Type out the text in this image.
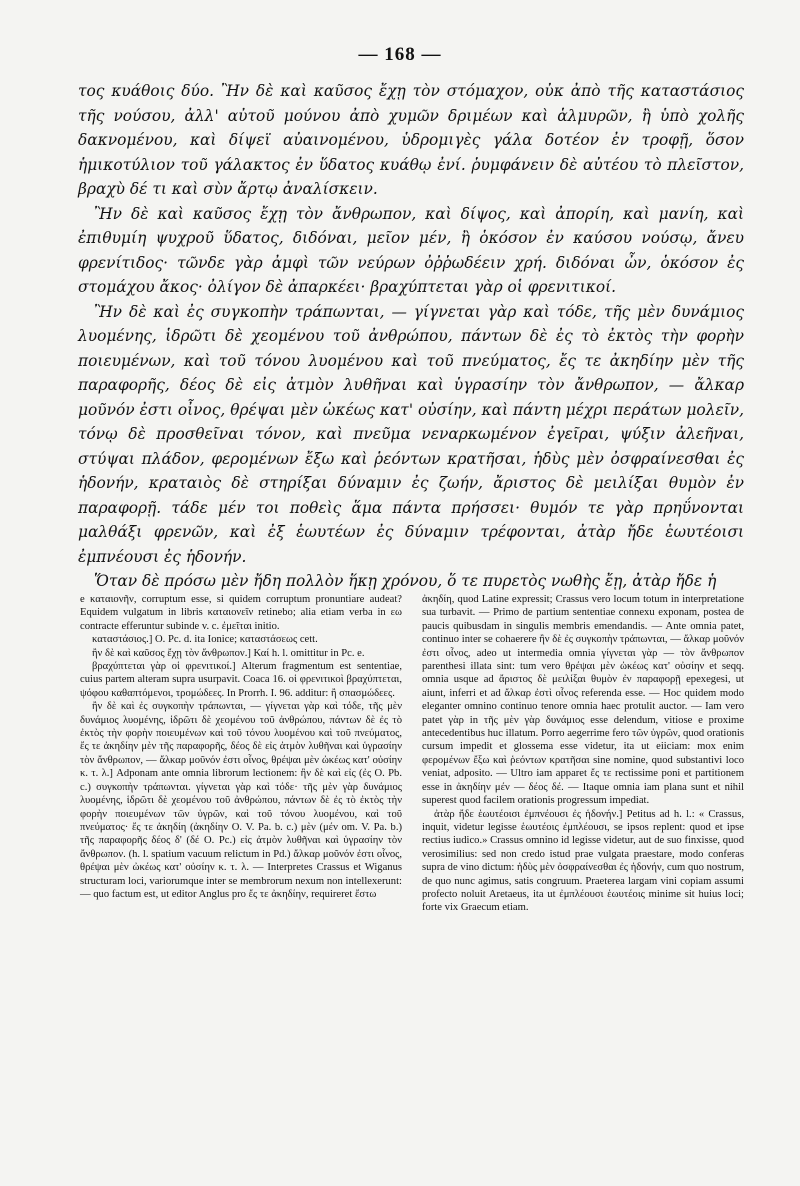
— 168 —

τος κυάθοις δύο. Ἢν δὲ καὶ καῦσος ἔχῃ τὸν στόμαχον, οὐκ ἀπὸ τῆς καταστάσιος τῆς νούσου, ἀλλ' αὐτοῦ μούνου ἀπὸ χυμῶν δριμέων καὶ ἁλμυρῶν, ἢ ὑπὸ χολῆς δακνομένου, καὶ δίψεϊ αὐαινομένου, ὑδρομιγὲς γάλα δοτέον ἐν τροφῇ, ὅσον ἡμικοτύλιον τοῦ γάλακτος ἐν ὕδατος κυάθῳ ἐνί. ῥυμφάνειν δὲ αὐτέου τὸ πλεῖστον, βραχὺ δέ τι καὶ σὺν ἄρτῳ ἀναλίσκειν.

Ἢν δὲ καὶ καῦσος ἔχῃ τὸν ἄνθρωπον, καὶ δίψος, καὶ ἀπορίη, καὶ μανίη, καὶ ἐπιθυμίη ψυχροῦ ὕδατος, διδόναι, μεῖον μέν, ἢ ὁκόσον ἐν καύσου νούσῳ, ἄνευ φρενίτιδος· τῶνδε γὰρ ἀμφὶ τῶν νεύρων ὀῤῥωδέειν χρή. διδόναι ὦν, ὁκόσον ἐς στομάχου ἄκος· ὀλίγον δὲ ἀπαρκέει· βραχύπτεται γὰρ οἱ φρενιτικοί.

Ἢν δὲ καὶ ἐς συγκοπὴν τράπωνται, — γίγνεται γὰρ καὶ τόδε, τῆς μὲν δυνάμιος λυομένης, ἱδρῶτι δὲ χεομένου τοῦ ἀνθρώπου, πάντων δὲ ἐς τὸ ἐκτὸς τὴν φορὴν ποιευμένων, καὶ τοῦ τόνου λυομένου καὶ τοῦ πνεύματος, ἔς τε ἀκηδίην μὲν τῆς παραφορῆς, δέος δὲ εἰς ἀτμὸν λυθῆναι καὶ ὑγρασίην τὸν ἄνθρωπον, — ἄλκαρ μοῦνόν ἐστι οἶνος, θρέψαι μὲν ὠκέως κατ' οὐσίην, καὶ πάντη μέχρι περάτων μολεῖν, τόνῳ δὲ προσθεῖναι τόνον, καὶ πνεῦμα νεναρκωμένον ἐγεῖραι, ψύξιν ἀλεῆναι, στύψαι πλάδον, φερομένων ἔξω καὶ ῥεόντων κρατῆσαι, ἡδὺς μὲν ὀσφραίνεσθαι ἐς ἡδονήν, κραταιὸς δὲ στηρίξαι δύναμιν ἐς ζωήν, ἄριστος δὲ μειλίξαι θυμὸν ἐν παραφορῇ. τάδε μέν τοι ποθεὶς ἅμα πάντα πρήσσει· θυμόν τε γὰρ πρηΰνονται μαλθάξι φρενῶν, καὶ ἐξ ἑωυτέων ἐς δύναμιν τρέφονται, ἀτὰρ ἤδε ἑωυτέοισι ἐμπνέουσι ἐς ἡδονήν.

Ὅταν δὲ πρόσω μὲν ἤδη πολλὸν ἥκῃ χρόνου, ὅ τε πυρετὸς νωθὴς ἔῃ, ἀτὰρ ἤδε ἡ

e καταιονῆν, corruptum esse, si quidem corruptum pronuntiare audeat? Equidem vulgatum in libris καταιονεῖν retinebo; alia etiam verba in εω contracte efferuntur subinde v. c. ἐμεῖται initio.

καταστάσιος.] O. Pc. d. ita Ionice; καταστάσεως cett.

ἢν δὲ καὶ καῦσος ἔχῃ τὸν ἄνθρωπον.] Καί h. l. omittitur in Pc. e.

βραχύπτεται γὰρ οἱ φρενιτικοί.] Alterum fragmentum est sententiae, cuius partem alteram supra usurpavit. Coaca 16. οἱ φρενιτικοὶ βραχύπτεται, ψόφου καθαπτόμενοι, τρομώδεες. In Prorrh. I. 96. additur: ἢ σπασμώδεες.

ἢν δὲ καὶ ἐς συγκοπὴν τράπωνται, — γίγνεται γὰρ καὶ τόδε, τῆς μὲν δυνάμιος λυομένης, ἱδρῶτι δὲ χεομένου τοῦ ἀνθρώπου, πάντων δὲ ἐς τὸ ἐκτὸς τὴν φορὴν ποιευμένων καὶ τοῦ τόνου λυομένου καὶ τοῦ πνεύματος, ἔς τε ἀκηδίην μὲν τῆς παραφορῆς, δέος δὲ εἰς ἀτμὸν λυθῆναι καὶ ὑγρασίην τὸν ἄνθρωπον, — ἄλκαρ μοῦνόν ἐστι οἶνος, θρέψαι μὲν ὠκέως κατ' οὐσίην κ. τ. λ.] Adponam ante omnia librorum lectionem: ἢν δὲ καὶ εἰς (ἐς O. Pb. c.) συγκοπὴν τράπωνται. γίγνεται γὰρ καὶ τόδε· τῆς μὲν γὰρ δυνάμιος λυομένης, ἱδρῶτι δὲ χεομένου τοῦ ἀνθρώπου, πάντων δὲ ἐς τὸ ἐκτὸς τὴν φορὴν ποιευμένων τῶν ὑγρῶν, καὶ τοῦ τόνου λυομένου, καὶ τοῦ πνεύματος· ἔς τε ἀκηδίη (ἀκηδίην O. V. Pa. b. c.) μὲν (μέν om. V. Pa. b.) τῆς παραφορῆς δέος δ' (δέ O. Pc.) εἰς ἀτμὸν λυθῆναι καὶ ὑγρασίην τὸν ἄνθρωπον. (h. l. spatium vacuum relictum in Pd.) ἄλκαρ μοῦνόν ἐστι οἶνος, θρέψαι μὲν ὠκέως κατ' οὐσίην κ. τ. λ. — Interpretes Crassus et Wiganus structuram loci, variorumque inter se membrorum nexum non intellexerunt: — quo factum est, ut editor Anglus pro ἔς τε ἀκηδίην, requireret ἔστω

ἀκηδίη, quod Latine expressit; Crassus vero locum totum in interpretatione sua turbavit. — Primo de partium sententiae connexu exponam, postea de paucis quibusdam in singulis membris emendandis. — Ante omnia patet, continuo inter se cohaerere ἢν δὲ ἐς συγκοπὴν τράπωνται, — ἄλκαρ μοῦνόν ἐστι οἶνος, adeo ut intermedia omnia γίγνεται γὰρ — τὸν ἄνθρωπον parenthesi illata sint: tum vero θρέψαι μὲν ὠκέως κατ' οὐσίην et seqq. omnia usque ad ἄριστος δὲ μειλίξαι θυμὸν ἐν παραφορῇ epexegesi, ut aiunt, inferri et ad ἄλκαρ ἐστὶ οἶνος referenda esse. — Hoc quidem modo eleganter omnino continuo tenore omnia haec protulit auctor. — Iam vero patet γὰρ in τῆς μὲν γὰρ δυνάμιος esse delendum, vitiose e proxime antecedentibus huc illatum. Porro aegerrime fero τῶν ὑγρῶν, quod orationis cursum impedit et glossema esse videtur, ita ut eiiciam: mox enim φερομένων ἔξω καὶ ῥεόντων κρατῆσαι sine nomine, quod substantivi loco veniat, adposito. — Ultro iam apparet ἔς τε rectissime poni et partitionem esse in ἀκηδίην μέν — δέος δέ. — Itaque omnia iam plana sunt et nihil superest quod facilem orationis progressum impediat.

ἀτὰρ ἤδε ἑωυτέοισι ἐμπνέουσι ἐς ἡδονήν.] Petitus ad h. l.: « Crassus, inquit, videtur legisse ἑωυτέοις ἐμπλέουσι, se ipsos replent: quod et ipse rectius iudico.» Crassus omnino id legisse videtur, aut de suo finxisse, quod verosimilius: sed non credo istud prae vulgata praestare, modo conferas supra de vino dictum: ἡδὺς μὲν ὀσφραίνεσθαι ἐς ἡδονήν, cum quo nostrum, de quo nunc agimus, satis congruum. Praeterea largam vini copiam assumi profecto noluit Aretaeus, ita ut ἐμπλέουσι ἑωυτέοις minime sit huius loci; forte vix Graecum etiam.
